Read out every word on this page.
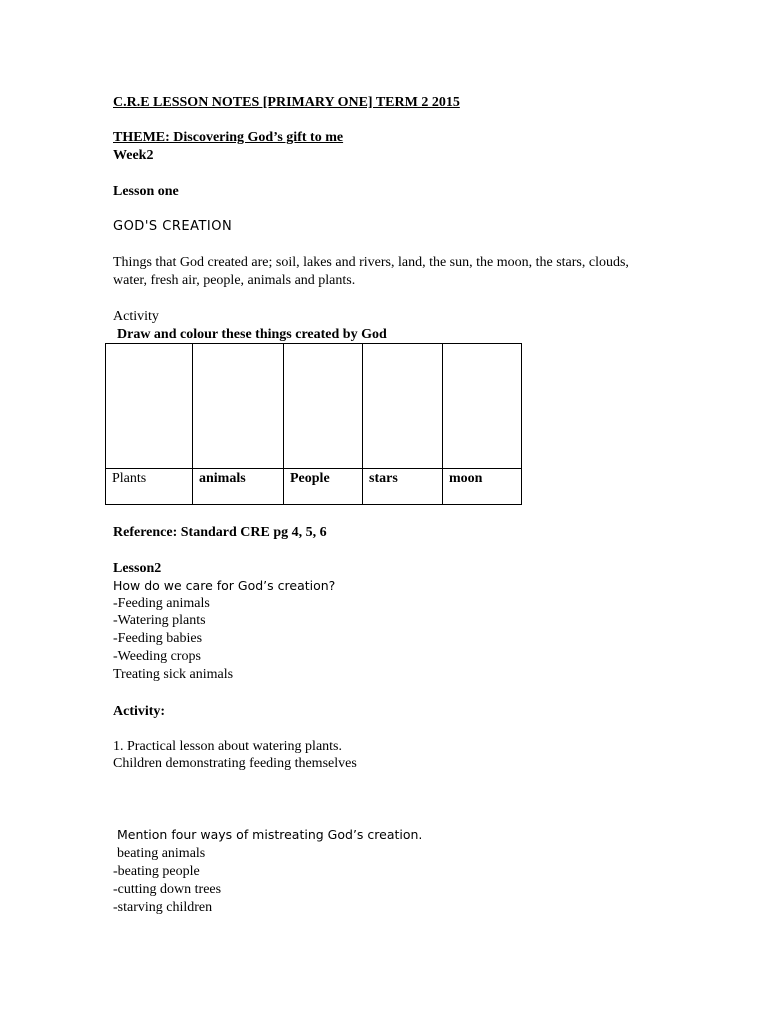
C.R.E LESSON NOTES [PRIMARY ONE] TERM 2 2015
THEME: Discovering God’s gift to me
Week2
Lesson one
GOD'S CREATION
Things that God created are; soil, lakes and rivers, land, the sun, the moon, the stars, clouds, water, fresh air, people, animals and plants.
Activity
Draw and colour these things created by God

Plants	animals	People	stars	moon
Reference: Standard CRE pg 4, 5, 6
Lesson2
How do we care for God’s creation?
-Feeding animals
-Watering plants
-Feeding babies
-Weeding crops
Treating sick animals
Activity:
1. Practical lesson about watering plants.
Children demonstrating feeding themselves
Mention four ways of mistreating God’s creation.
beating animals
-beating people
-cutting down trees
-starving children
